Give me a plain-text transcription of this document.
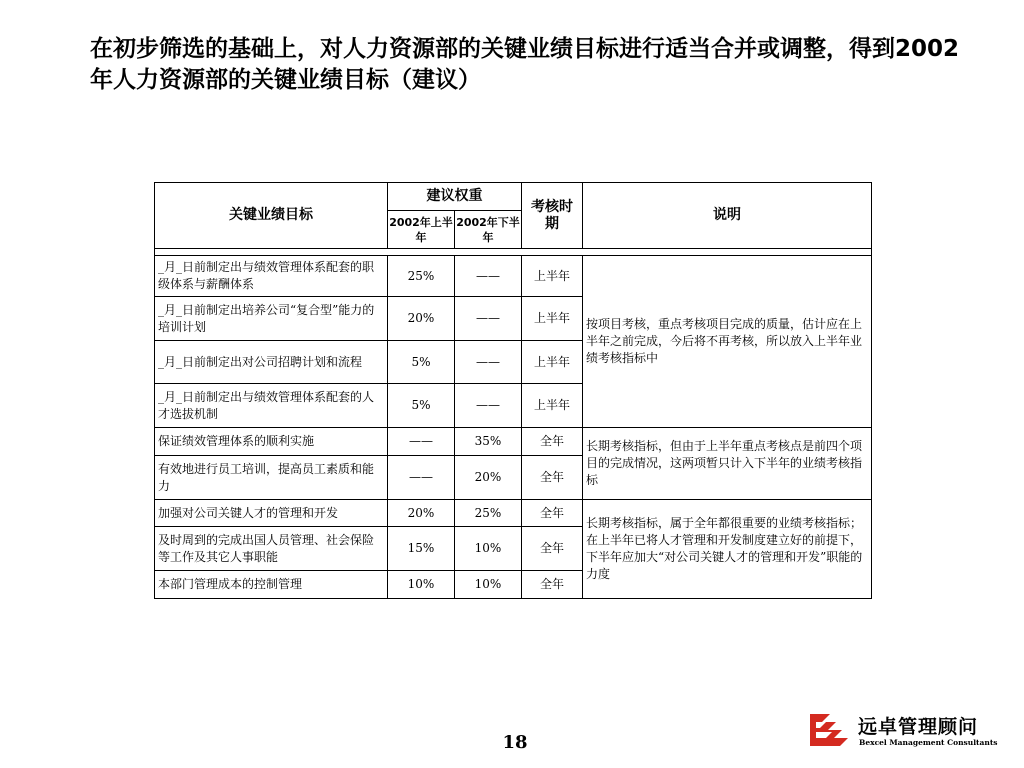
在初步筛选的基础上，对人力资源部的关键业绩目标进行适当合并或调整，得到2002年人力资源部的关键业绩目标（建议）
关键业绩目标	建议权重		考核时期	说明
	2002年上半年	2002年下半年		

_月_日前制定出与绩效管理体系配套的职级体系与薪酬体系	25%	——	上半年	按项目考核，重点考核项目完成的质量，估计应在上半年之前完成，今后将不再考核，所以放入上半年业绩考核指标中
_月_日前制定出培养公司“复合型”能力的培训计划	20%	——	上半年	
_月_日前制定出对公司招聘计划和流程	5%	——	上半年	
_月_日前制定出与绩效管理体系配套的人才选拔机制	5%	——	上半年	
保证绩效管理体系的顺利实施	——	35%	全年	长期考核指标，但由于上半年重点考核点是前四个项目的完成情况，这两项暂只计入下半年的业绩考核指标
有效地进行员工培训，提高员工素质和能力	——	20%	全年	
加强对公司关键人才的管理和开发	20%	25%	全年	长期考核指标，属于全年都很重要的业绩考核指标；在上半年已将人才管理和开发制度建立好的前提下，下半年应加大“对公司关键人才的管理和开发”职能的力度
及时周到的完成出国人员管理、社会保险等工作及其它人事职能	15%	10%	全年	
本部门管理成本的控制管理	10%	10%	全年	
18
远卓管理顾问
Bexcel Management Consultants
